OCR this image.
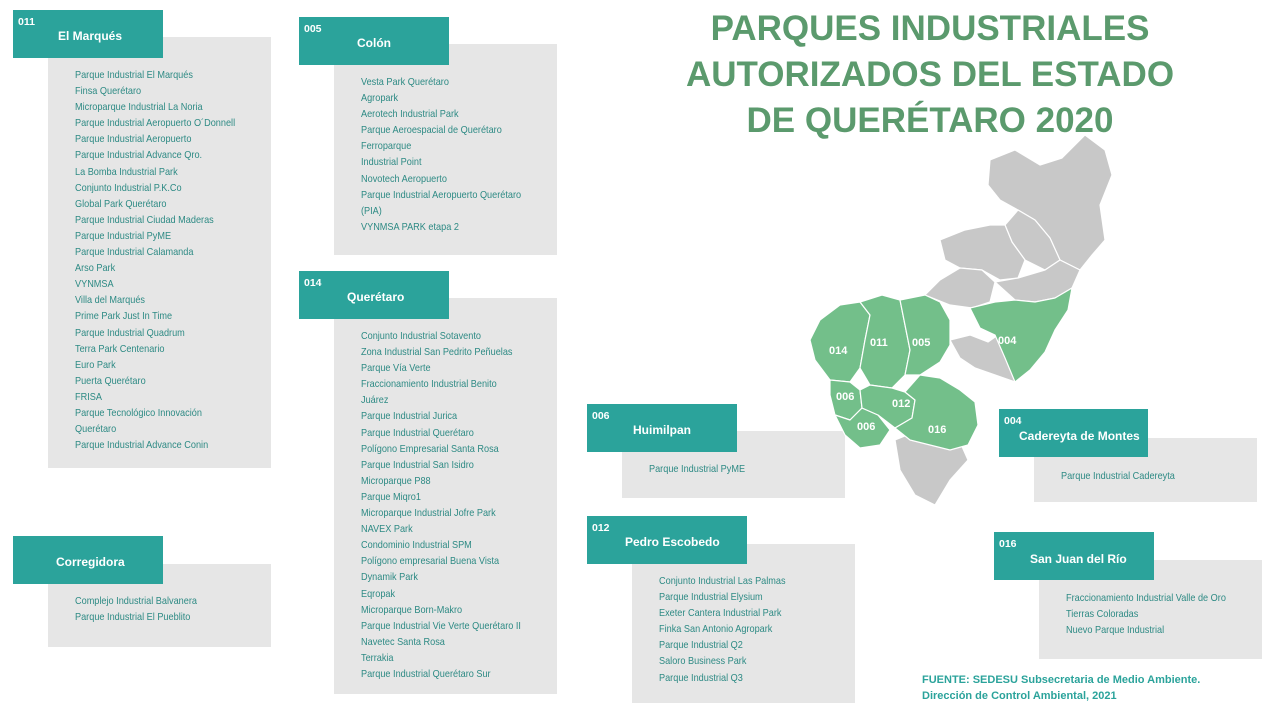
PARQUES INDUSTRIALES
AUTORIZADOS DEL ESTADO
DE QUERÉTARO 2020
Parque Industrial El Marqués
Finsa Querétaro
Microparque Industrial La Noria
Parque Industrial Aeropuerto O´Donnell
Parque Industrial Aeropuerto
Parque Industrial Advance Qro.
La Bomba Industrial Park
Conjunto Industrial P.K.Co
Global Park Querétaro
Parque Industrial Ciudad Maderas
Parque Industrial PyME
Parque Industrial Calamanda
Arso Park
VYNMSA
Villa del Marqués
Prime Park Just In Time
Parque Industrial Quadrum
Terra Park Centenario
Euro Park
Puerta Querétaro
FRISA
Parque Tecnológico Innovación
Querétaro
Parque Industrial Advance Conin
011
El Marqués
Complejo Industrial Balvanera
Parque Industrial El Pueblito
Corregidora
Vesta Park Querétaro
Agropark
Aerotech Industrial Park
Parque Aeroespacial de Querétaro
Ferroparque
Industrial Point
Novotech Aeropuerto
Parque Industrial Aeropuerto Querétaro
(PIA)
VYNMSA PARK etapa 2
005
Colón
Conjunto Industrial Sotavento
Zona Industrial San Pedrito Peñuelas
Parque Vía Verte
Fraccionamiento Industrial Benito
Juárez
Parque Industrial Jurica
Parque Industrial Querétaro
Polígono Empresarial Santa Rosa
Parque Industrial San Isidro
Microparque P88
Parque Miqro1
Microparque Industrial Jofre Park
NAVEX Park
Condominio Industrial SPM
Polígono empresarial Buena Vista
Dynamik Park
Eqropak
Microparque Born-Makro
Parque Industrial Vie Verte Querétaro II
Navetec Santa Rosa
Terrakia
Parque Industrial Querétaro Sur
014
Querétaro
Parque Industrial PyME
006
Huimilpan
Conjunto Industrial Las Palmas
Parque Industrial Elysium
Exeter Cantera Industrial Park
Finka San Antonio Agropark
Parque Industrial Q2
Saloro Business Park
Parque Industrial Q3
012
Pedro Escobedo
Parque Industrial Cadereyta
004
Cadereyta de Montes
Fraccionamiento Industrial Valle de Oro
Tierras Coloradas
Nuevo Parque Industrial
016
San Juan del Río
014
011 005	004
006
006
012
016
FUENTE: SEDESU Subsecretaria de Medio Ambiente.
Dirección de Control Ambiental, 2021
